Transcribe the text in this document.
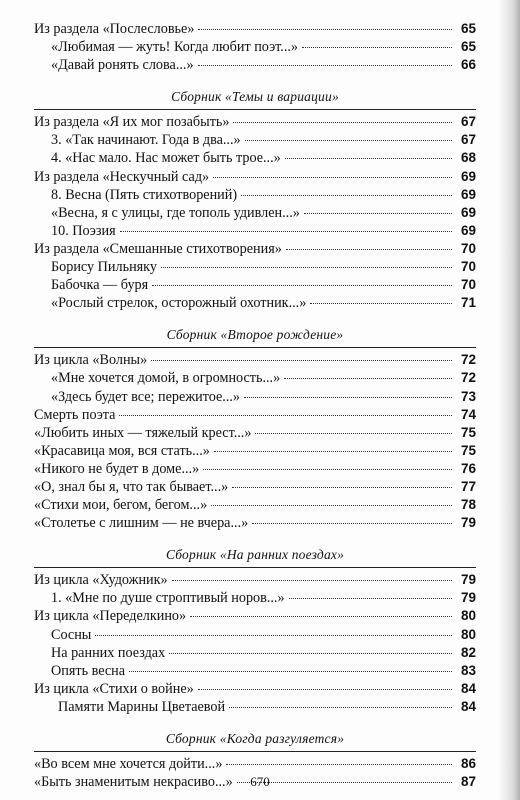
Из раздела «Послесловье»	65
«Любимая — жуть! Когда любит поэт...»	65
«Давай ронять слова...»	66
Сборник «Темы и вариации»
Из раздела «Я их мог позабыть»	67
3. «Так начинают. Года в два...»	67
4. «Нас мало. Нас может быть трое...»	68
Из раздела «Нескучный сад»	69
8. Весна (Пять стихотворений)	69
«Весна, я с улицы, где тополь удивлен...»	69
10. Поэзия	69
Из раздела «Смешанные стихотворения»	70
Борису Пильняку	70
Бабочка — буря	70
«Рослый стрелок, осторожный охотник...»	71
Сборник «Второе рождение»
Из цикла «Волны»	72
«Мне хочется домой, в огромность...»	72
«Здесь будет все; пережитое...»	73
Смерть поэта	74
«Любить иных — тяжелый крест...»	75
«Красавица моя, вся стать...»	75
«Никого не будет в доме...»	76
«О, знал бы я, что так бывает...»	77
«Стихи мои, бегом, бегом...»	78
«Столетье с лишним — не вчера...»	79
Сборник «На ранних поездах»
Из цикла «Художник»	79
1. «Мне по душе строптивый норов...»	79
Из цикла «Переделкино»	80
Сосны	80
На ранних поездах	82
Опять весна	83
Из цикла «Стихи о войне»	84
Памяти Марины Цветаевой	84
Сборник «Когда разгуляется»
«Во всем мне хочется дойти...»	86
«Быть знаменитым некрасиво...»	87
670
